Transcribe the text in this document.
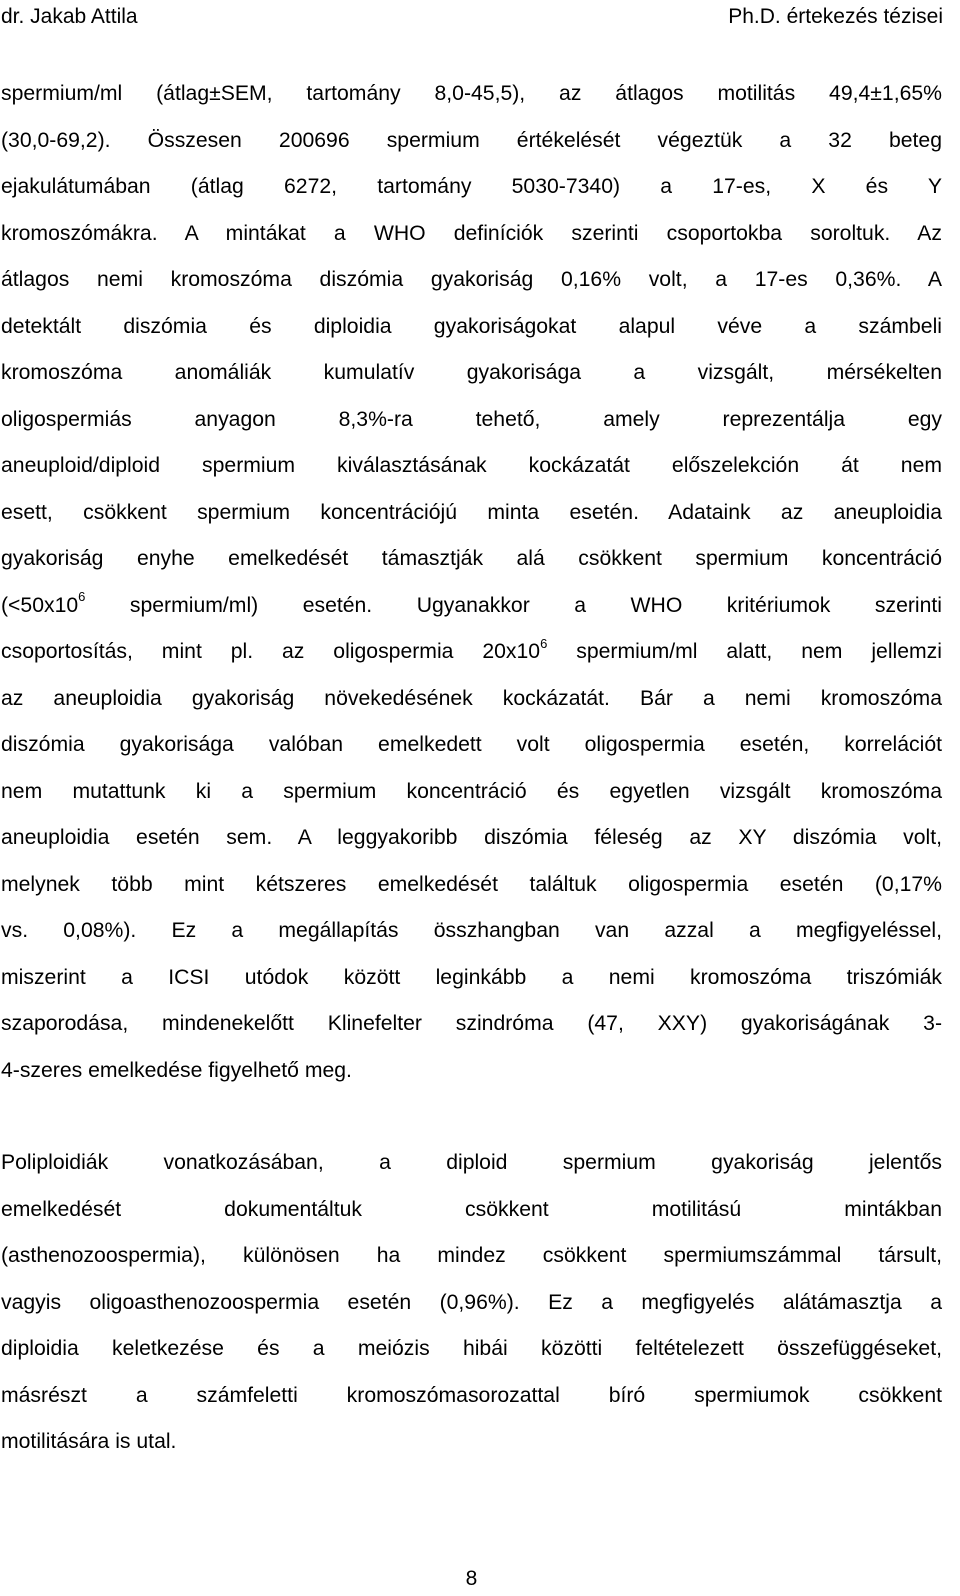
dr. Jakab Attila	Ph.D. értekezés tézisei
spermium/ml (átlag±SEM, tartomány 8,0-45,5), az átlagos motilitás 49,4±1,65%
(30,0-69,2). Összesen 200696 spermium értékelését végeztük a 32 beteg
ejakulátumában (átlag 6272, tartomány 5030-7340) a 17-es, X és Y
kromoszómákra. A mintákat a WHO definíciók szerinti csoportokba soroltuk. Az
átlagos nemi kromoszóma diszómia gyakoriság 0,16% volt, a 17-es 0,36%. A
detektált diszómia és diploidia gyakoriságokat alapul véve a számbeli
kromoszóma anomáliák kumulatív gyakorisága a vizsgált, mérsékelten
oligospermiás anyagon 8,3%-ra tehető, amely reprezentálja egy
aneuploid/diploid spermium kiválasztásának kockázatát előszelekción át nem
esett, csökkent spermium koncentrációjú minta esetén. Adataink az aneuploidia
gyakoriság enyhe emelkedését támasztják alá csökkent spermium koncentráció
($<50x10^6$ spermium/ml) esetén. Ugyanakkor a WHO kritériumok szerinti
csoportosítás, mint pl. az oligospermia $20x10^6$ spermium/ml alatt, nem jellemzi
az aneuploidia gyakoriság növekedésének kockázatát. Bár a nemi kromoszóma
diszómia gyakorisága valóban emelkedett volt oligospermia esetén, korrelációt
nem mutattunk ki a spermium koncentráció és egyetlen vizsgált kromoszóma
aneuploidia esetén sem. A leggyakoribb diszómia féleség az XY diszómia volt,
melynek több mint kétszeres emelkedését találtuk oligospermia esetén (0,17%
vs. 0,08%). Ez a megállapítás összhangban van azzal a megfigyeléssel,
miszerint a ICSI utódok között leginkább a nemi kromoszóma triszómiák
szaporodása, mindenekelőtt Klinefelter szindróma (47, XXY) gyakoriságának 3-
4-szeres emelkedése figyelhető meg.
Poliploidiák vonatkozásában, a diploid spermium gyakoriság jelentős
emelkedését dokumentáltuk csökkent motilitású mintákban
(asthenozoospermia), különösen ha mindez csökkent spermiumszámmal társult,
vagyis oligoasthenozoospermia esetén (0,96%). Ez a megfigyelés alátámasztja a
diploidia keletkezése és a meiózis hibái közötti feltételezett összefüggéseket,
másrészt a számfeletti kromoszómasorozattal bíró spermiumok csökkent
motilitására is utal.
8
